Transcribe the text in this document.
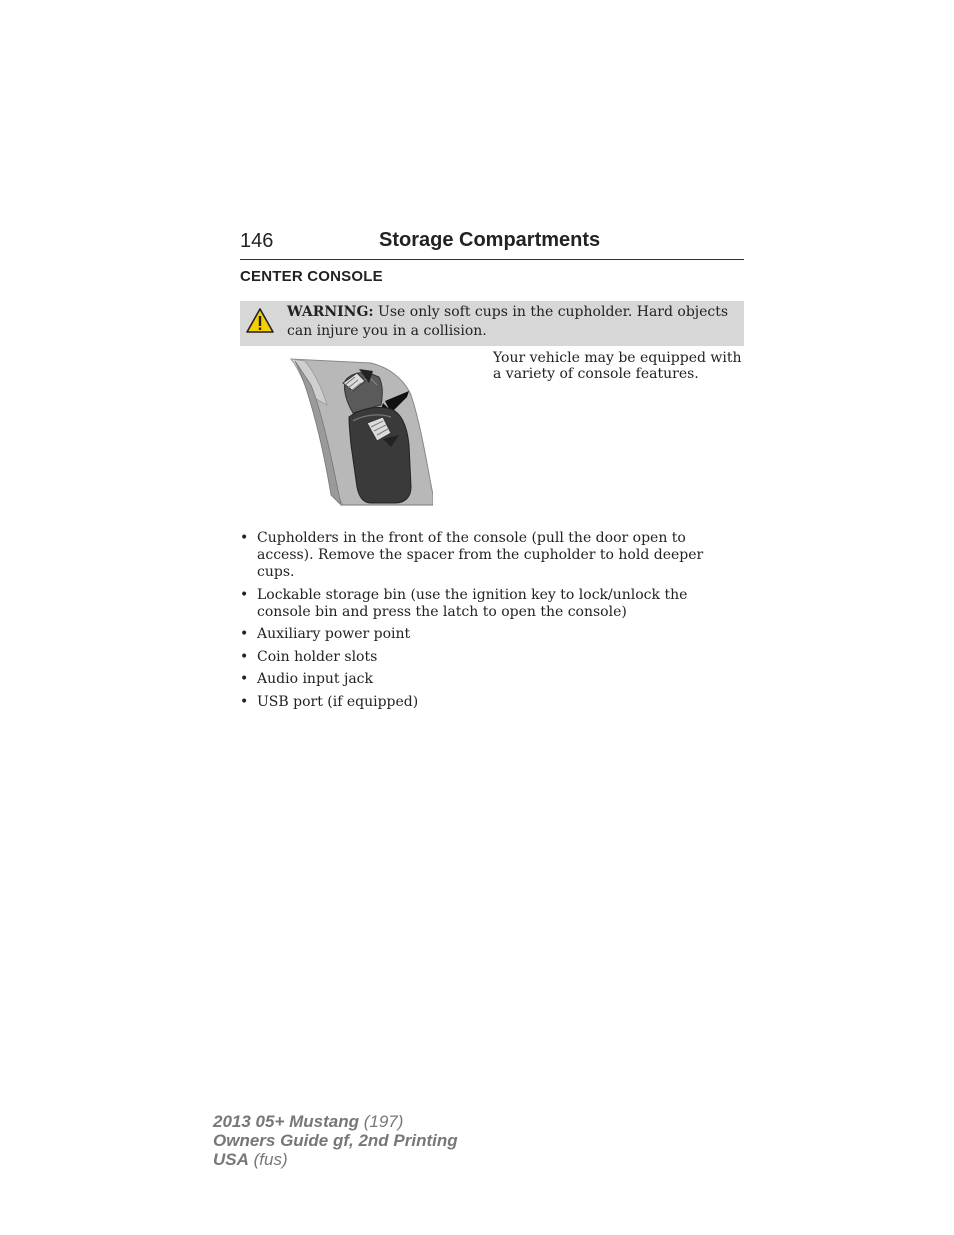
146	Storage Compartments
CENTER CONSOLE
WARNING: Use only soft cups in the cupholder. Hard objects can injure you in a collision.
Your vehicle may be equipped with a variety of console features.
• Cupholders in the front of the console (pull the door open to access). Remove the spacer from the cupholder to hold deeper cups.
• Lockable storage bin (use the ignition key to lock/unlock the console bin and press the latch to open the console)
• Auxiliary power point
• Coin holder slots
• Audio input jack
• USB port (if equipped)
2013 05+ Mustang (197)
Owners Guide gf, 2nd Printing
USA (fus)
